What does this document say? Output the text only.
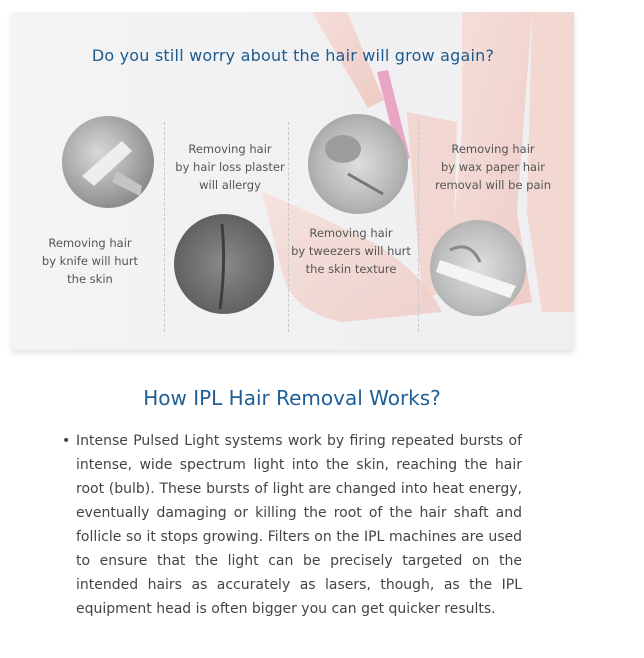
Do you still worry about the hair will grow again?
Removing hair
by knife will hurt
the skin
Removing hair
by hair loss plaster
will allergy
Removing hair
by tweezers will hurt
the skin texture
Removing hair
by wax paper hair
removal will be pain
How IPL Hair Removal Works?
• Intense Pulsed Light systems work by firing repeated bursts of intense, wide spectrum light into the skin, reaching the hair root (bulb). These bursts of light are changed into heat energy, eventually damaging or killing the root of the hair shaft and follicle so it stops growing. Filters on the IPL machines are used to ensure that the light can be precisely targeted on the intended hairs as accurately as lasers, though, as the IPL equipment head is often bigger you can get quicker results.
